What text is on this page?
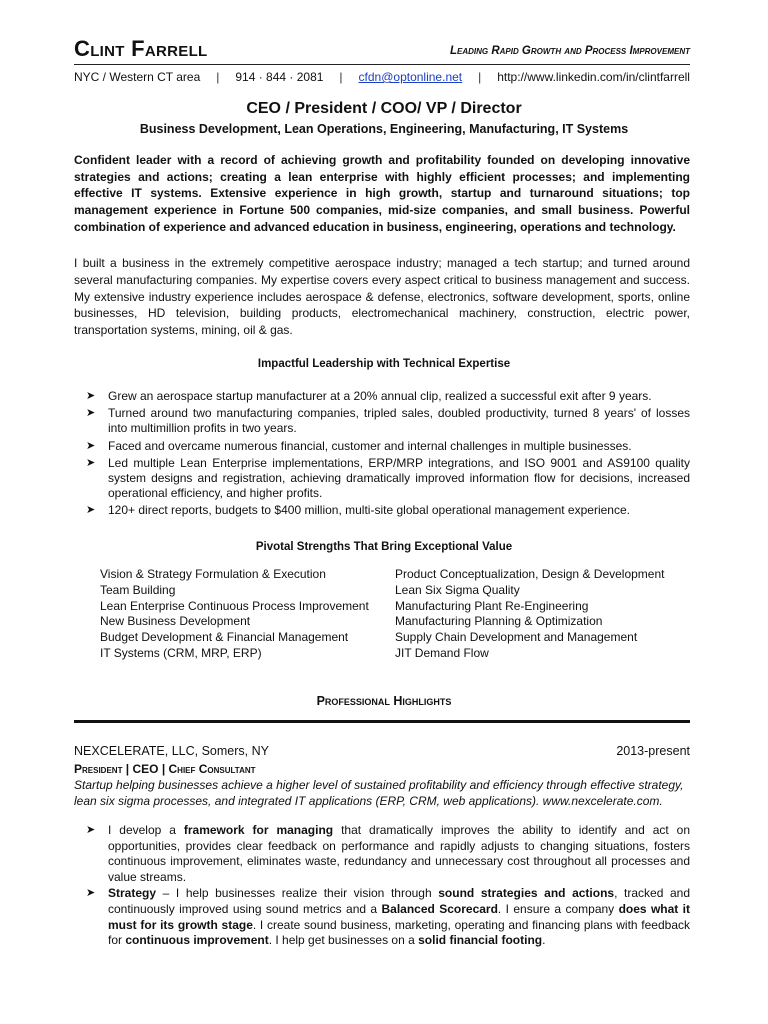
Clint Farrell	Leading Rapid Growth and Process Improvement
NYC / Western CT area | 914 · 844 · 2081 | cfdn@optonline.net | http://www.linkedin.com/in/clintfarrell
CEO / President / COO/ VP / Director
Business Development, Lean Operations, Engineering, Manufacturing, IT Systems
Confident leader with a record of achieving growth and profitability founded on developing innovative strategies and actions; creating a lean enterprise with highly efficient processes; and implementing effective IT systems. Extensive experience in high growth, startup and turnaround situations; top management experience in Fortune 500 companies, mid-size companies, and small business. Powerful combination of experience and advanced education in business, engineering, operations and technology.
I built a business in the extremely competitive aerospace industry; managed a tech startup; and turned around several manufacturing companies. My expertise covers every aspect critical to business management and success. My extensive industry experience includes aerospace & defense, electronics, software development, sports, online businesses, HD television, building products, electromechanical machinery, construction, electric power, transportation systems, mining, oil & gas.
Impactful Leadership with Technical Expertise
➤ Grew an aerospace startup manufacturer at a 20% annual clip, realized a successful exit after 9 years.
➤ Turned around two manufacturing companies, tripled sales, doubled productivity, turned 8 years' of losses into multimillion profits in two years.
➤ Faced and overcame numerous financial, customer and internal challenges in multiple businesses.
➤ Led multiple Lean Enterprise implementations, ERP/MRP integrations, and ISO 9001 and AS9100 quality system designs and registration, achieving dramatically improved information flow for decisions, increased operational efficiency, and higher profits.
➤ 120+ direct reports, budgets to $400 million, multi-site global operational management experience.
Pivotal Strengths That Bring Exceptional Value
Vision & Strategy Formulation & Execution
Team Building
Lean Enterprise Continuous Process Improvement
New Business Development
Budget Development & Financial Management
IT Systems (CRM, MRP, ERP)
Product Conceptualization, Design & Development
Lean Six Sigma Quality
Manufacturing Plant Re-Engineering
Manufacturing Planning & Optimization
Supply Chain Development and Management
JIT Demand Flow
Professional Highlights
NEXCELERATE, LLC, Somers, NY	2013-present
President | CEO | Chief Consultant
Startup helping businesses achieve a higher level of sustained profitability and efficiency through effective strategy, lean six sigma processes, and integrated IT applications (ERP, CRM, web applications). www.nexcelerate.com.
➤ I develop a framework for managing that dramatically improves the ability to identify and act on opportunities, provides clear feedback on performance and rapidly adjusts to changing situations, fosters continuous improvement, eliminates waste, redundancy and unnecessary cost throughout all processes and value streams.
➤ Strategy – I help businesses realize their vision through sound strategies and actions, tracked and continuously improved using sound metrics and a Balanced Scorecard. I ensure a company does what it must for its growth stage. I create sound business, marketing, operating and financing plans with feedback for continuous improvement. I help get businesses on a solid financial footing.
